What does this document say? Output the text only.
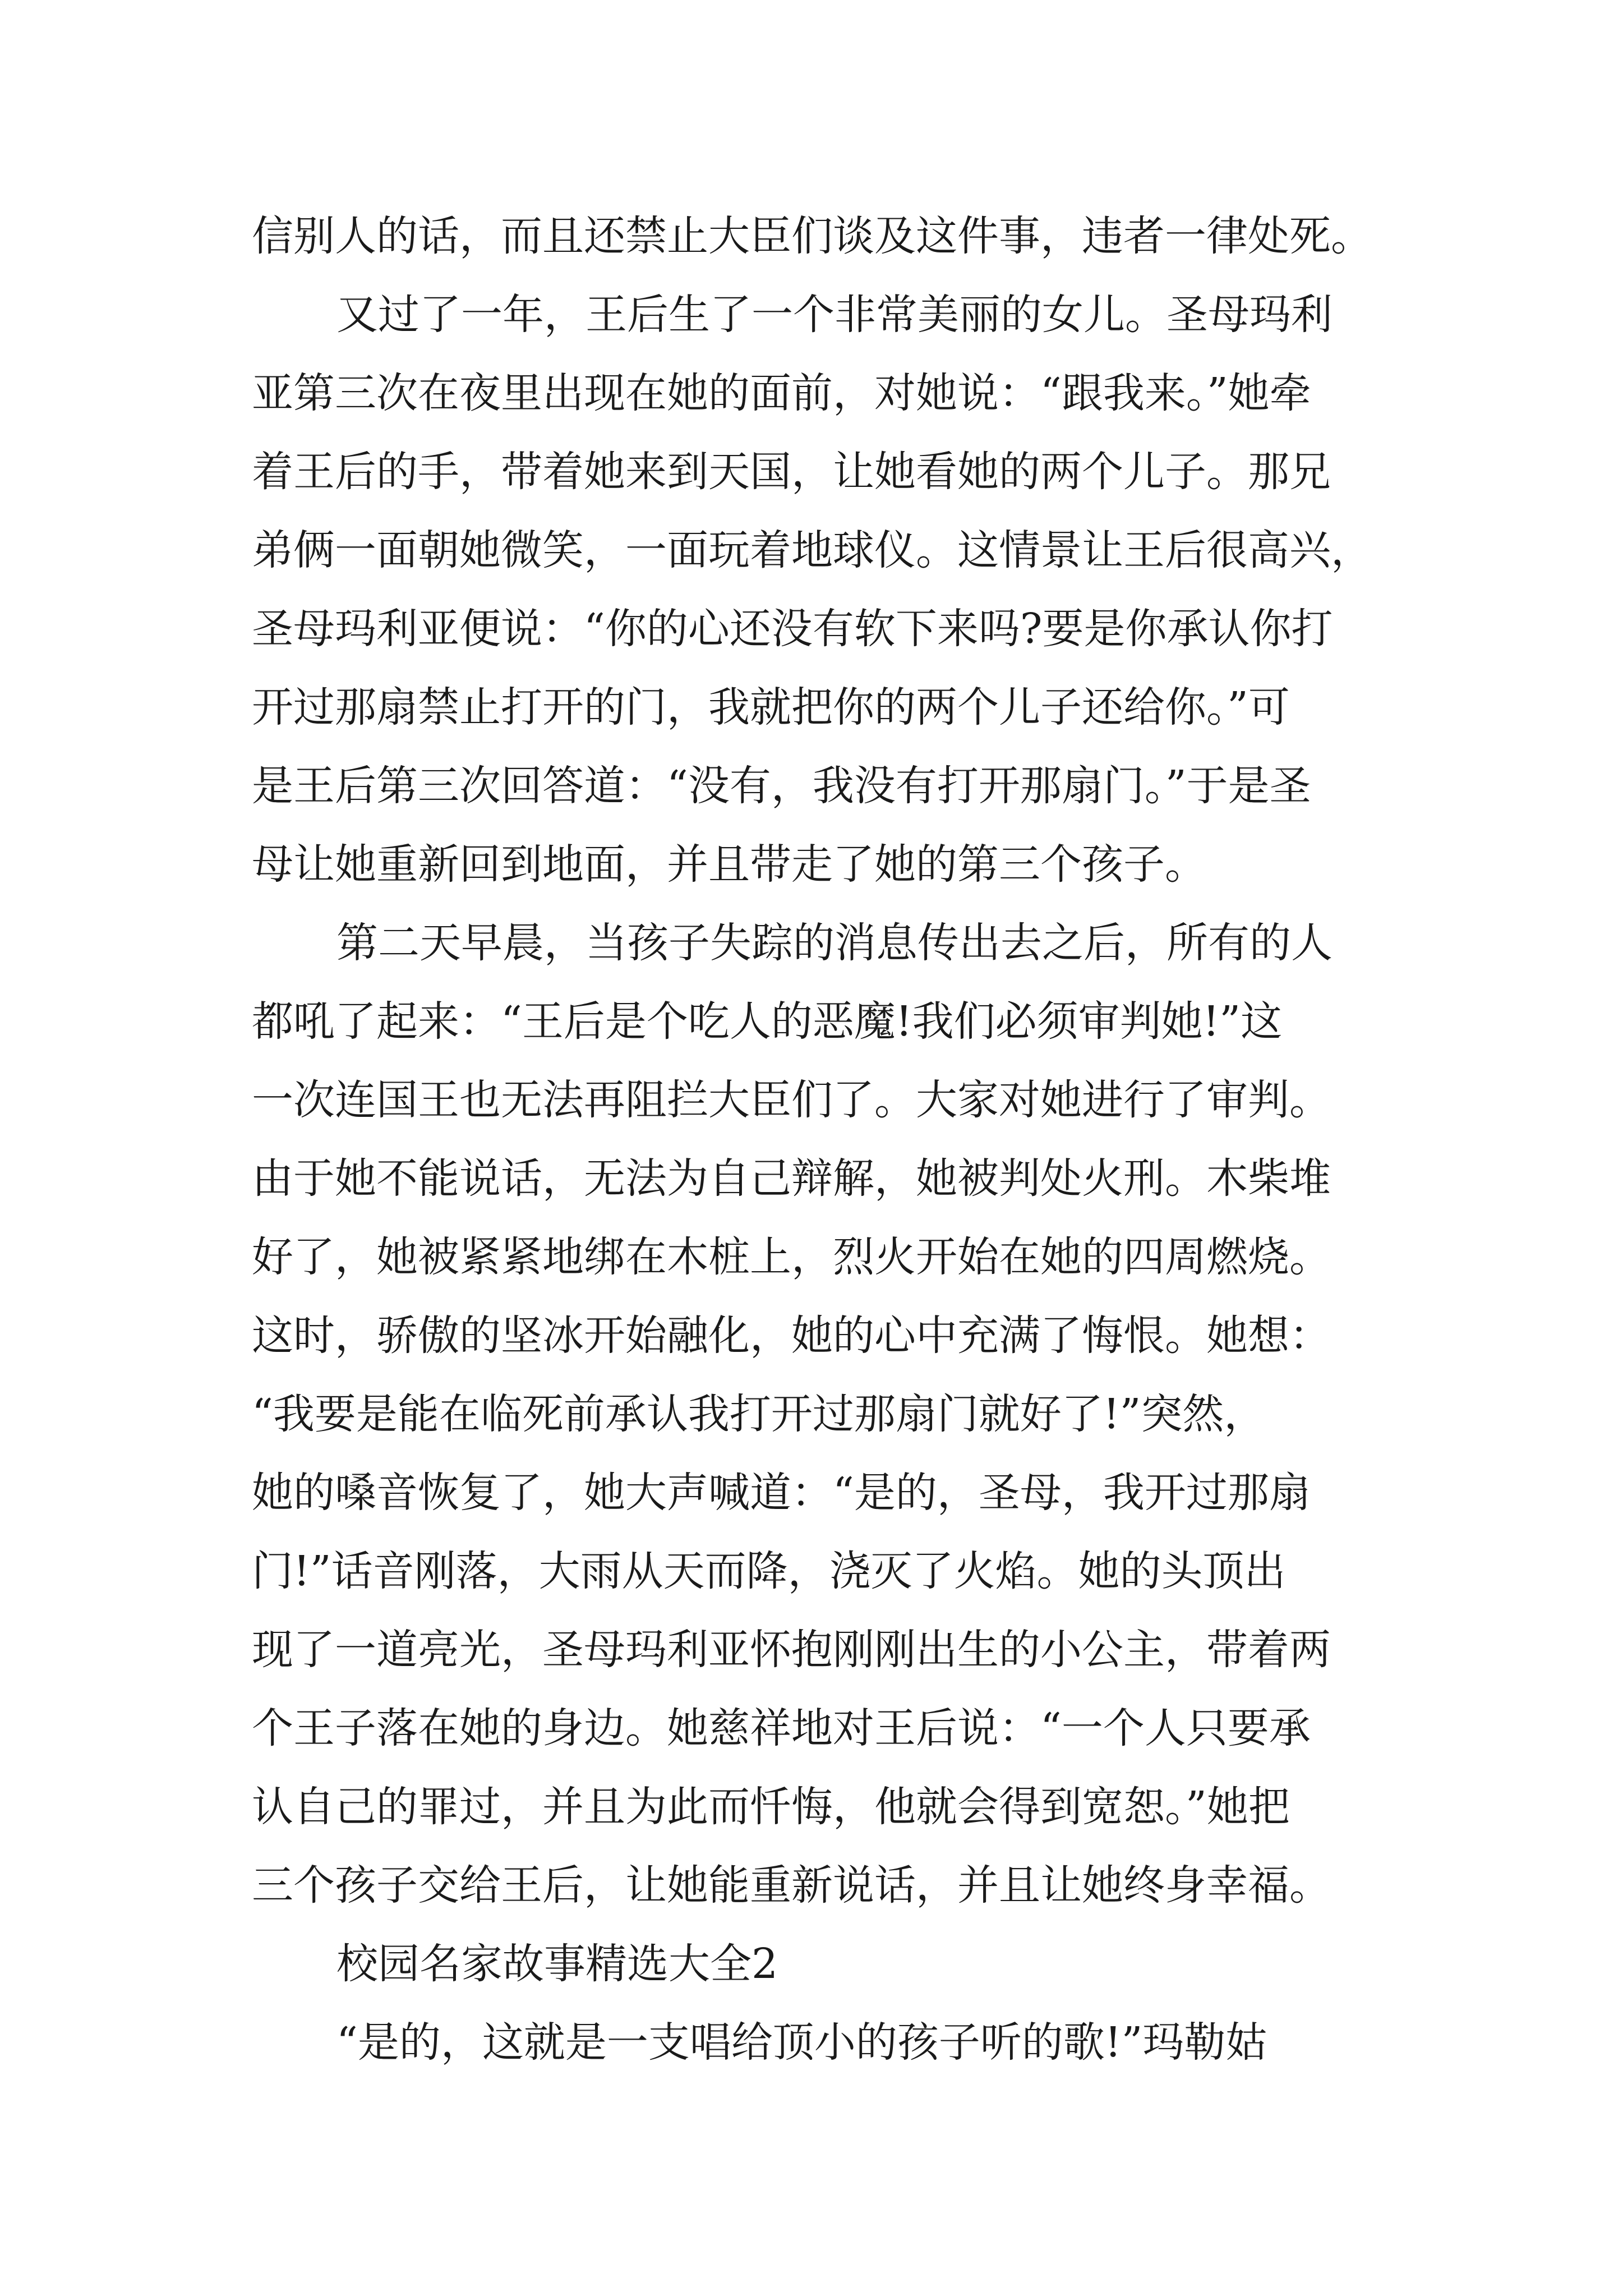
信别人的话，而且还禁止大臣们谈及这件事，违者一律处死。
又过了一年，王后生了一个非常美丽的女儿。圣母玛利
亚第三次在夜里出现在她的面前，对她说：“跟我来。”她牵
着王后的手，带着她来到天国，让她看她的两个儿子。那兄
弟俩一面朝她微笑，一面玩着地球仪。这情景让王后很高兴，
圣母玛利亚便说：“你的心还没有软下来吗?要是你承认你打
开过那扇禁止打开的门，我就把你的两个儿子还给你。”可
是王后第三次回答道：“没有，我没有打开那扇门。”于是圣
母让她重新回到地面，并且带走了她的第三个孩子。
第二天早晨，当孩子失踪的消息传出去之后，所有的人
都吼了起来：“王后是个吃人的恶魔!我们必须审判她!”这
一次连国王也无法再阻拦大臣们了。大家对她进行了审判。
由于她不能说话，无法为自己辩解，她被判处火刑。木柴堆
好了，她被紧紧地绑在木桩上，烈火开始在她的四周燃烧。
这时，骄傲的坚冰开始融化，她的心中充满了悔恨。她想：
“我要是能在临死前承认我打开过那扇门就好了!”突然，
她的嗓音恢复了，她大声喊道：“是的，圣母，我开过那扇
门!”话音刚落，大雨从天而降，浇灭了火焰。她的头顶出
现了一道亮光，圣母玛利亚怀抱刚刚出生的小公主，带着两
个王子落在她的身边。她慈祥地对王后说：“一个人只要承
认自己的罪过，并且为此而忏悔，他就会得到宽恕。”她把
三个孩子交给王后，让她能重新说话，并且让她终身幸福。
校园名家故事精选大全2
“是的，这就是一支唱给顶小的孩子听的歌!”玛勒姑
